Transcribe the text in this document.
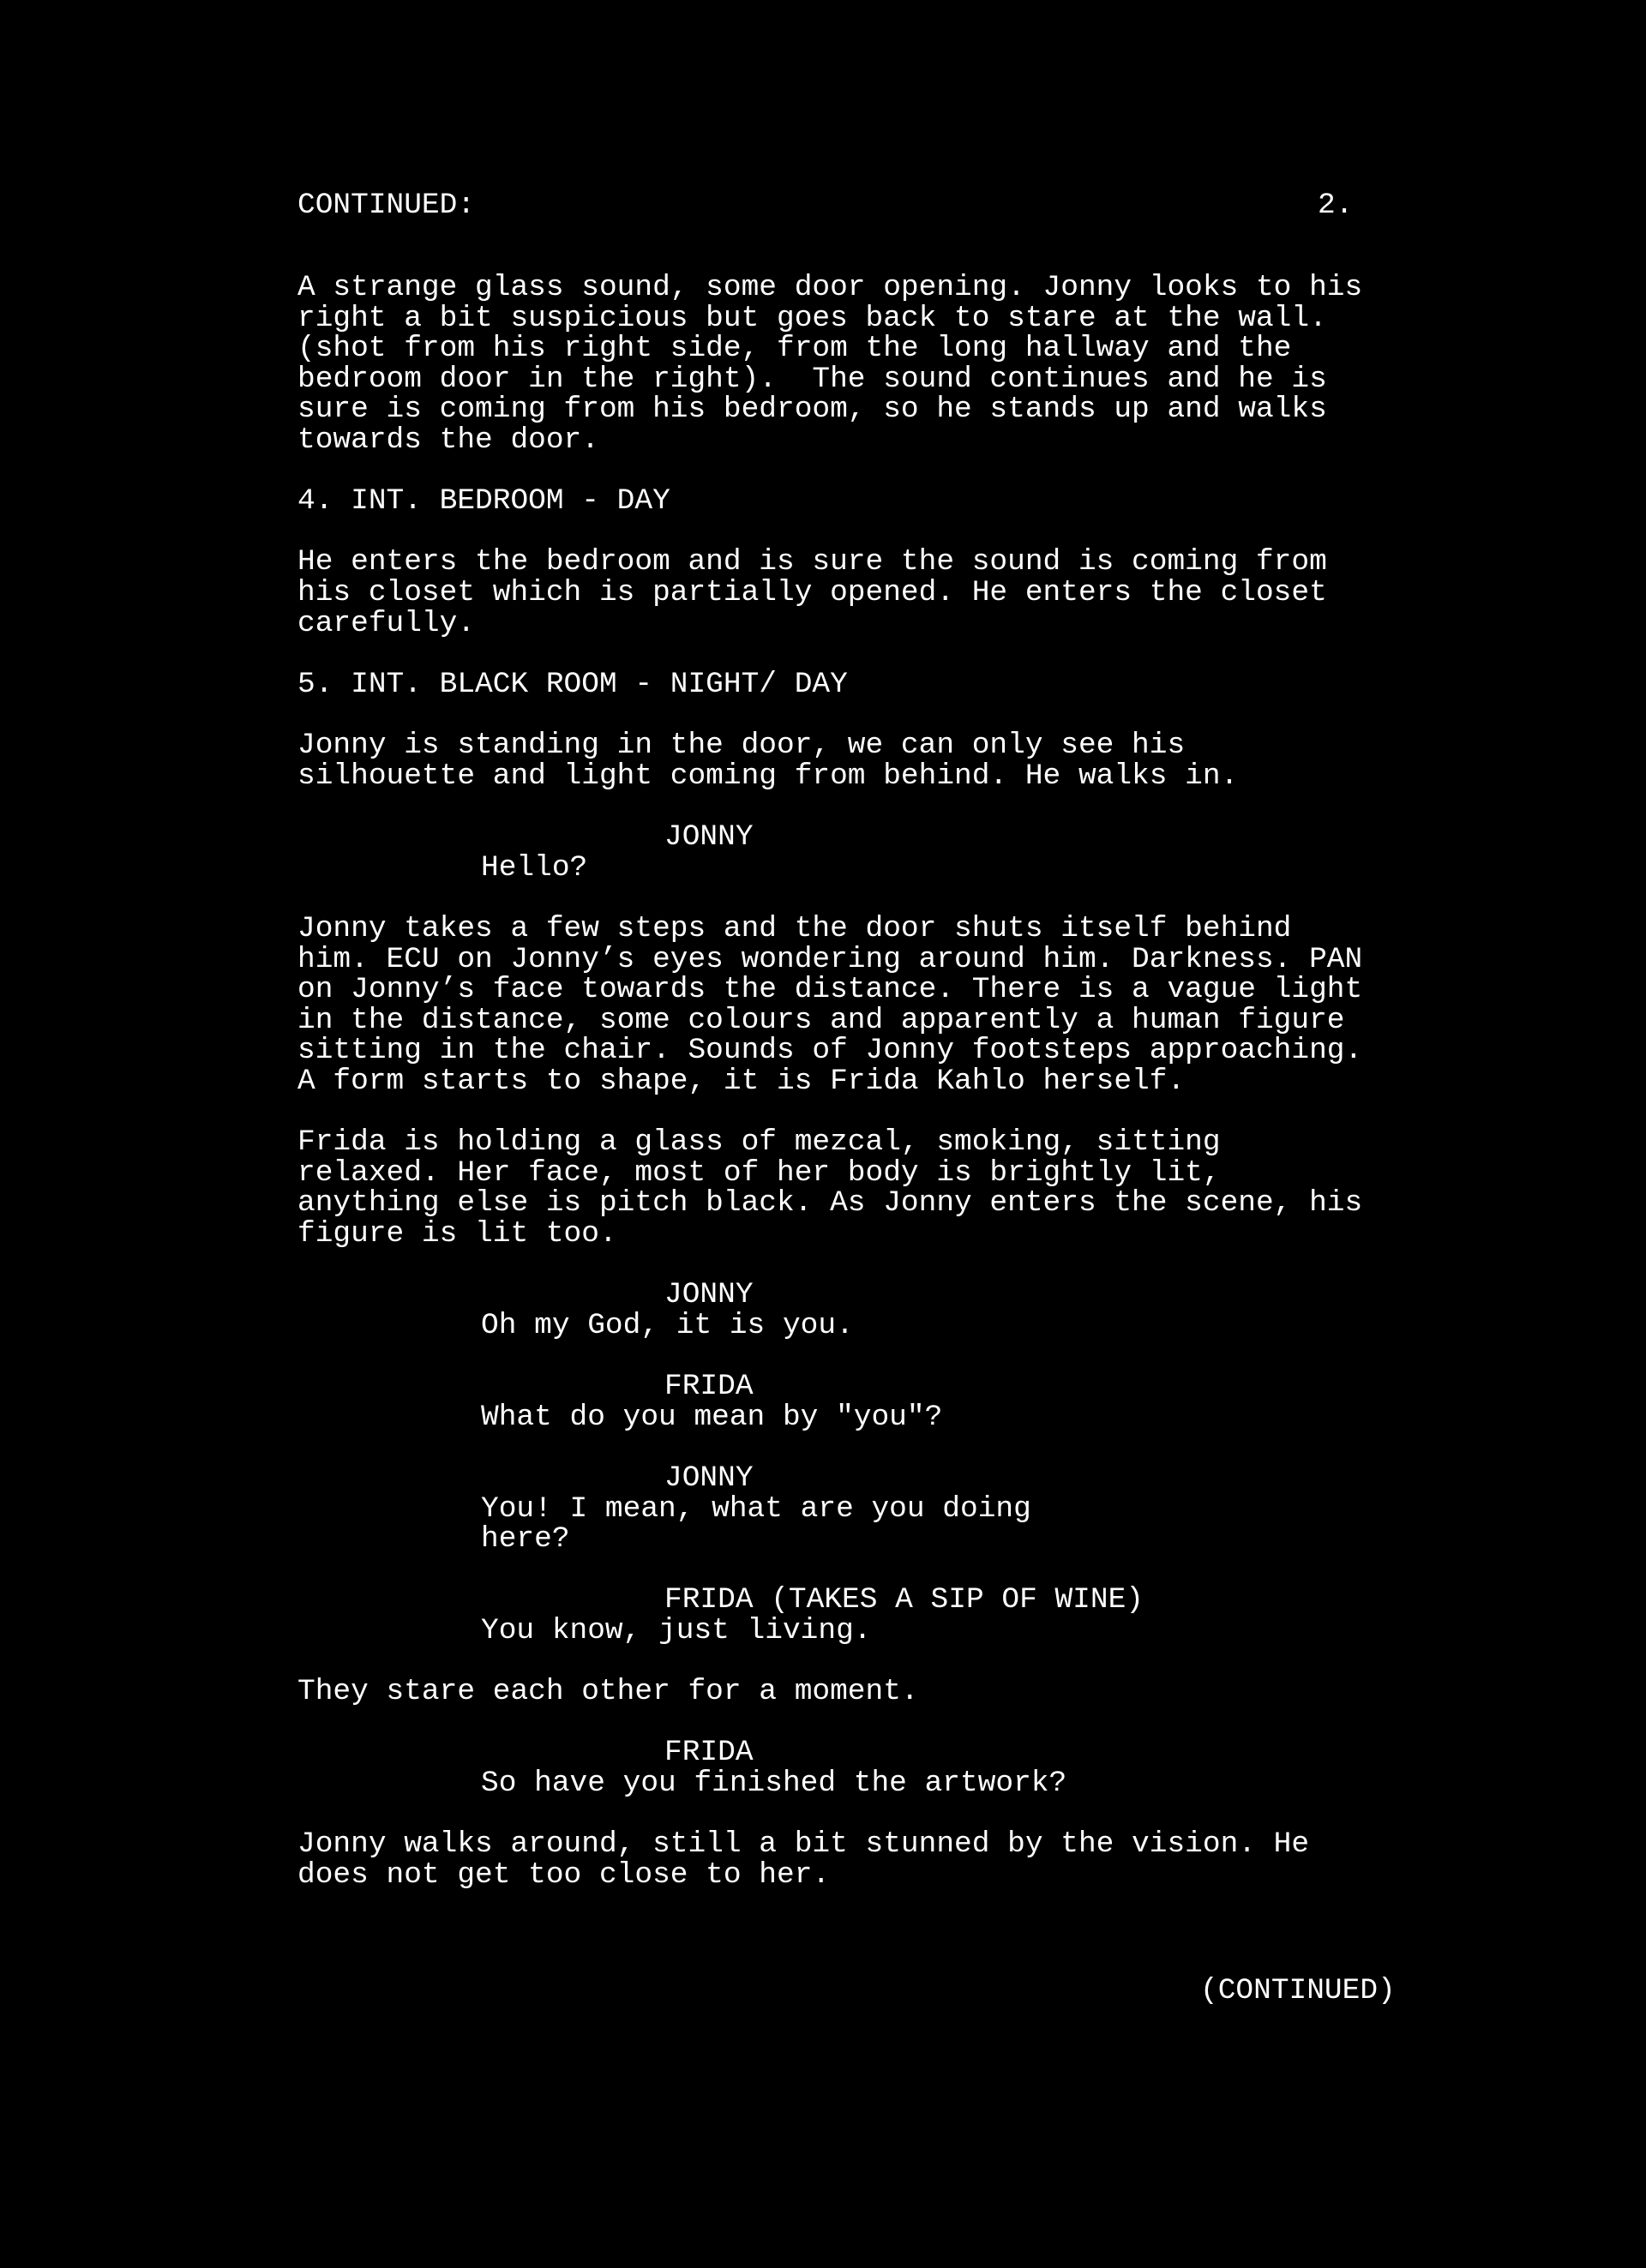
CONTINUED:	2.
A strange glass sound, some door opening. Jonny looks to his
right a bit suspicious but goes back to stare at the wall.
(shot from his right side, from the long hallway and the
bedroom door in the right).  The sound continues and he is
sure is coming from his bedroom, so he stands up and walks
towards the door.
4. INT. BEDROOM - DAY
He enters the bedroom and is sure the sound is coming from
his closet which is partially opened. He enters the closet
carefully.
5. INT. BLACK ROOM - NIGHT/ DAY
Jonny is standing in the door, we can only see his
silhouette and light coming from behind. He walks in.
JONNY
Hello?
Jonny takes a few steps and the door shuts itself behind
him. ECU on Jonny’s eyes wondering around him. Darkness. PAN
on Jonny’s face towards the distance. There is a vague light
in the distance, some colours and apparently a human figure
sitting in the chair. Sounds of Jonny footsteps approaching.
A form starts to shape, it is Frida Kahlo herself.
Frida is holding a glass of mezcal, smoking, sitting
relaxed. Her face, most of her body is brightly lit,
anything else is pitch black. As Jonny enters the scene, his
figure is lit too.
JONNY
Oh my God, it is you.
FRIDA
What do you mean by "you"?
JONNY
You! I mean, what are you doing
here?
FRIDA (TAKES A SIP OF WINE)
You know, just living.
They stare each other for a moment.
FRIDA
So have you finished the artwork?
Jonny walks around, still a bit stunned by the vision. He
does not get too close to her.
(CONTINUED)
